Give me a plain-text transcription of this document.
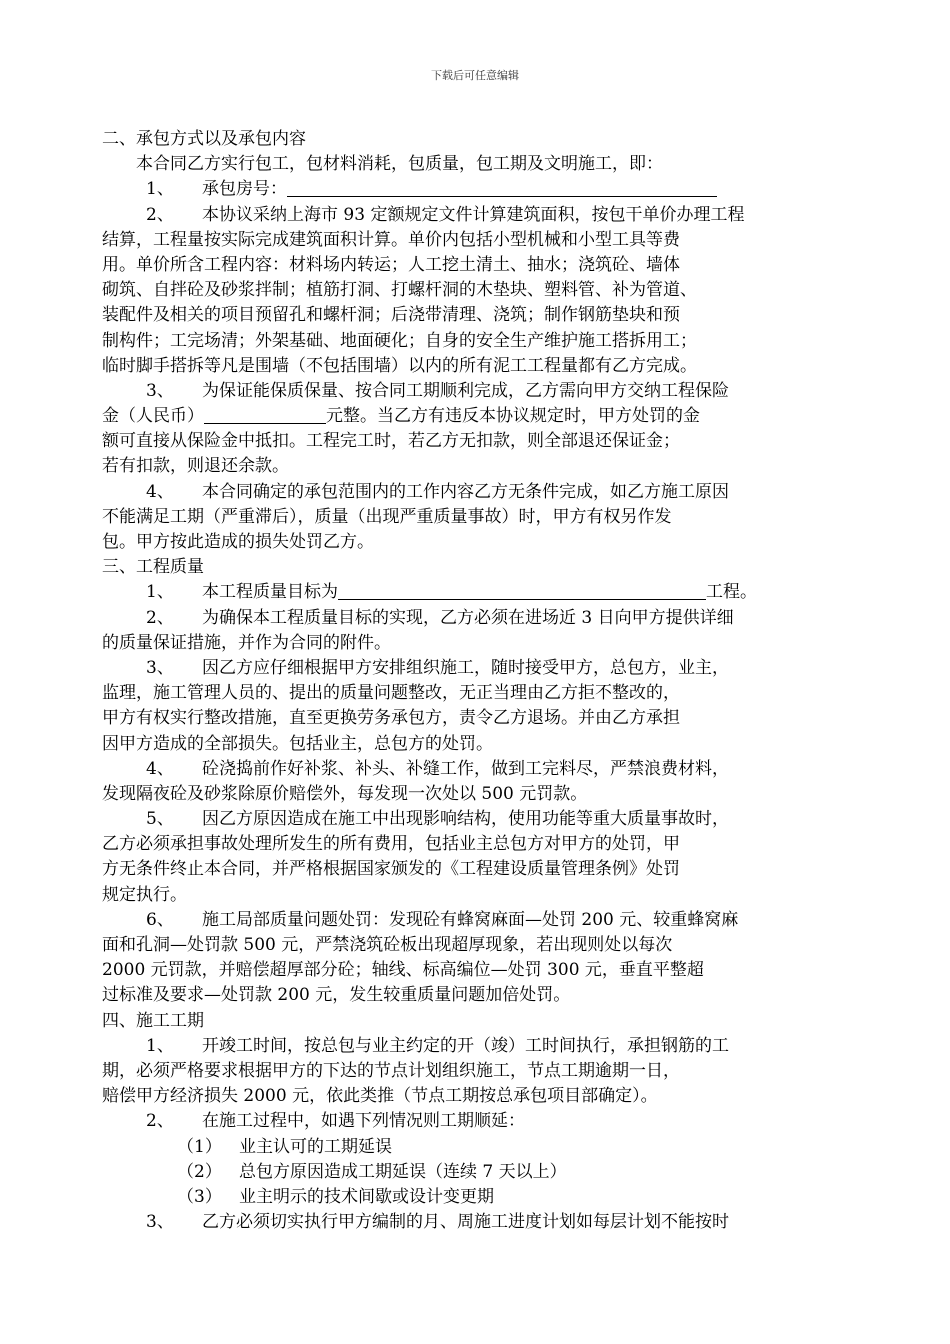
下载后可任意编辑
二、承包方式以及承包内容
本合同乙方实行包工，包材料消耗，包质量，包工期及文明施工，即：
1、 承包房号：
2、 本协议采纳上海市 93 定额规定文件计算建筑面积，按包干单价办理工程
结算，工程量按实际完成建筑面积计算。单价内包括小型机械和小型工具等费
用。单价所含工程内容：材料场内转运；人工挖土清土、抽水；浇筑砼、墙体
砌筑、自拌砼及砂浆拌制；植筋打洞、打螺杆洞的木垫块、塑料管、补为管道、
装配件及相关的项目预留孔和螺杆洞；后浇带清理、浇筑；制作钢筋垫块和预
制构件；工完场清；外架基础、地面硬化；自身的安全生产维护施工搭拆用工；
临时脚手搭拆等凡是围墙（不包括围墙）以内的所有泥工工程量都有乙方完成。
3、 为保证能保质保量、按合同工期顺利完成，乙方需向甲方交纳工程保险
金（人民币）	元整。当乙方有违反本协议规定时，甲方处罚的金
额可直接从保险金中抵扣。工程完工时，若乙方无扣款，则全部退还保证金；
若有扣款，则退还余款。
4、 本合同确定的承包范围内的工作内容乙方无条件完成，如乙方施工原因
不能满足工期（严重滞后），质量（出现严重质量事故）时，甲方有权另作发
包。甲方按此造成的损失处罚乙方。
三、工程质量
1、 本工程质量目标为	工程。
2、 为确保本工程质量目标的实现，乙方必须在进场近 3 日向甲方提供详细
的质量保证措施，并作为合同的附件。
3、 因乙方应仔细根据甲方安排组织施工，随时接受甲方，总包方，业主，
监理，施工管理人员的、提出的质量问题整改，无正当理由乙方拒不整改的，
甲方有权实行整改措施，直至更换劳务承包方，责令乙方退场。并由乙方承担
因甲方造成的全部损失。包括业主，总包方的处罚。
4、 砼浇捣前作好补浆、补头、补缝工作，做到工完料尽，严禁浪费材料，
发现隔夜砼及砂浆除原价赔偿外，每发现一次处以 500 元罚款。
5、 因乙方原因造成在施工中出现影响结构，使用功能等重大质量事故时，
乙方必须承担事故处理所发生的所有费用，包括业主总包方对甲方的处罚，甲
方无条件终止本合同，并严格根据国家颁发的《工程建设质量管理条例》处罚
规定执行。
6、 施工局部质量问题处罚：发现砼有蜂窝麻面—处罚 200 元、较重蜂窝麻
面和孔洞—处罚款 500 元，严禁浇筑砼板出现超厚现象，若出现则处以每次
2000 元罚款，并赔偿超厚部分砼；轴线、标高编位—处罚 300 元，垂直平整超
过标准及要求—处罚款 200 元，发生较重质量问题加倍处罚。
四、施工工期
1、 开竣工时间，按总包与业主约定的开（竣）工时间执行，承担钢筋的工
期，必须严格要求根据甲方的下达的节点计划组织施工，节点工期逾期一日，
赔偿甲方经济损失 2000 元，依此类推（节点工期按总承包项目部确定）。
2、 在施工过程中，如遇下列情况则工期顺延：
（1） 业主认可的工期延误
（2） 总包方原因造成工期延误（连续 7 天以上）
（3） 业主明示的技术间歇或设计变更期
3、 乙方必须切实执行甲方编制的月、周施工进度计划如每层计划不能按时
